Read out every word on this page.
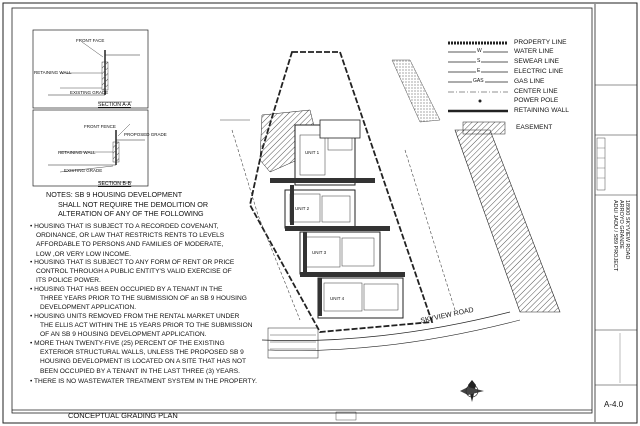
RETAINING WALL
EXISTING GRADE
FRONT FACE
SECTION A-A
RETAINING WALL
EXISTING GRADE
PROPOSED GRADE
FRONT FENCE
SECTION B-B
NOTES: SB 9 HOUSING DEVELOPMENT
SHALL NOT REQUIRE THE DEMOLITION OR
ALTERATION OF ANY OF THE FOLLOWING
• HOUSING THAT IS SUBJECT TO A RECORDED COVENANT,
ORDINANCE, OR LAW THAT RESTRICTS RENTS TO LEVELS
AFFORDABLE TO PERSONS AND FAMILIES OF MODERATE,
LOW ,OR VERY LOW INCOME.
• HOUSING THAT IS SUBJECT TO ANY FORM OF RENT OR PRICE
CONTROL THROUGH A PUBLIC ENTITY'S VALID EXERCISE OF
ITS POLICE POWER.
• HOUSING THAT HAS BEEN OCCUPIED BY A TENANT IN THE
THREE YEARS PRIOR TO THE SUBMISSION OF an SB 9 HOUSING
DEVELOPMENT APPLICATION.
• HOUSING UNITS REMOVED FROM THE RENTAL MARKET UNDER
THE ELLIS ACT WITHIN THE 15 YEARS PRIOR TO THE SUBMISSION
OF AN SB 9 HOUSING DEVELOPMENT APPLICATION.
• MORE THAN TWENTY-FIVE (25) PERCENT OF THE EXISTING
EXTERIOR STRUCTURAL WALLS, UNLESS THE PROPOSED SB 9
HOUSING DEVELOPMENT IS LOCATED ON A SITE THAT HAS NOT
BEEN OCCUPIED BY A TENANT IN THE LAST THREE (3) YEARS.
• THERE IS NO WASTEWATER TREATMENT SYSTEM IN THE PROPERTY.
PROPERTY LINE
WATER LINE
SEWEAR LINE
ELECTRIC LINE
GAS LINE
CENTER LINE
POWER POLE
RETAINING WALL
EASEMENT
W
S
E
GAS
UNIT 1
UNIT 2
UNIT 3
UNIT 4
SKYVIEW ROAD
CONCEPTUAL GRADING PLAN
18900 SKYVIEW ROAD
ARROYO GRANDE
ADU/ JADU / SB9 PROJECT
A-4.0
